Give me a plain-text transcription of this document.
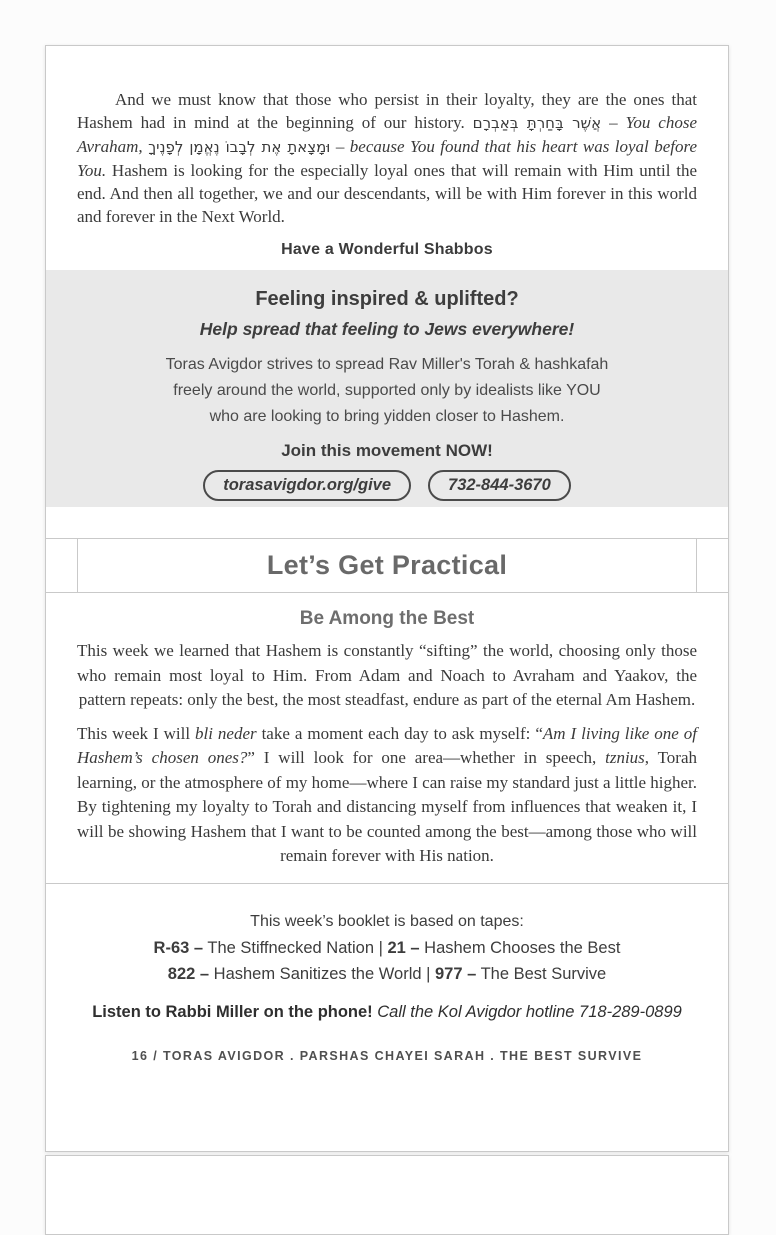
And we must know that those who persist in their loyalty, they are the ones that Hashem had in mind at the beginning of our history. אֲשֶׁר בָּחַרְתָּ בְּאַבְרָם – You chose Avraham, וּמָצָאתָ אֶת לְבָבוֹ נֶאֱמָן לְפָנֶיךָ – because You found that his heart was loyal before You. Hashem is looking for the especially loyal ones that will remain with Him until the end. And then all together, we and our descendants, will be with Him forever in this world and forever in the Next World.

Have a Wonderful Shabbos
Feeling inspired & uplifted?
Help spread that feeling to Jews everywhere!
Toras Avigdor strives to spread Rav Miller's Torah & hashkafah
freely around the world, supported only by idealists like YOU
who are looking to bring yidden closer to Hashem.
Join this movement NOW!
torasavigdor.org/give	732-844-3670
Let’s Get Practical
Be Among the Best

This week we learned that Hashem is constantly “sifting” the world, choosing only those who remain most loyal to Him. From Adam and Noach to Avraham and Yaakov, the pattern repeats: only the best, the most steadfast, endure as part of the eternal Am Hashem.

This week I will bli neder take a moment each day to ask myself: “Am I living like one of Hashem’s chosen ones?” I will look for one area—whether in speech, tznius, Torah learning, or the atmosphere of my home—where I can raise my standard just a little higher. By tightening my loyalty to Torah and distancing myself from influences that weaken it, I will be showing Hashem that I want to be counted among the best—among those who will remain forever with His nation.

This week’s booklet is based on tapes:
R-63 – The Stiffnecked Nation | 21 – Hashem Chooses the Best
822 – Hashem Sanitizes the World | 977 – The Best Survive
Listen to Rabbi Miller on the phone! Call the Kol Avigdor hotline 718-289-0899
16 / TORAS AVIGDOR . PARSHAS CHAYEI SARAH . THE BEST SURVIVE
